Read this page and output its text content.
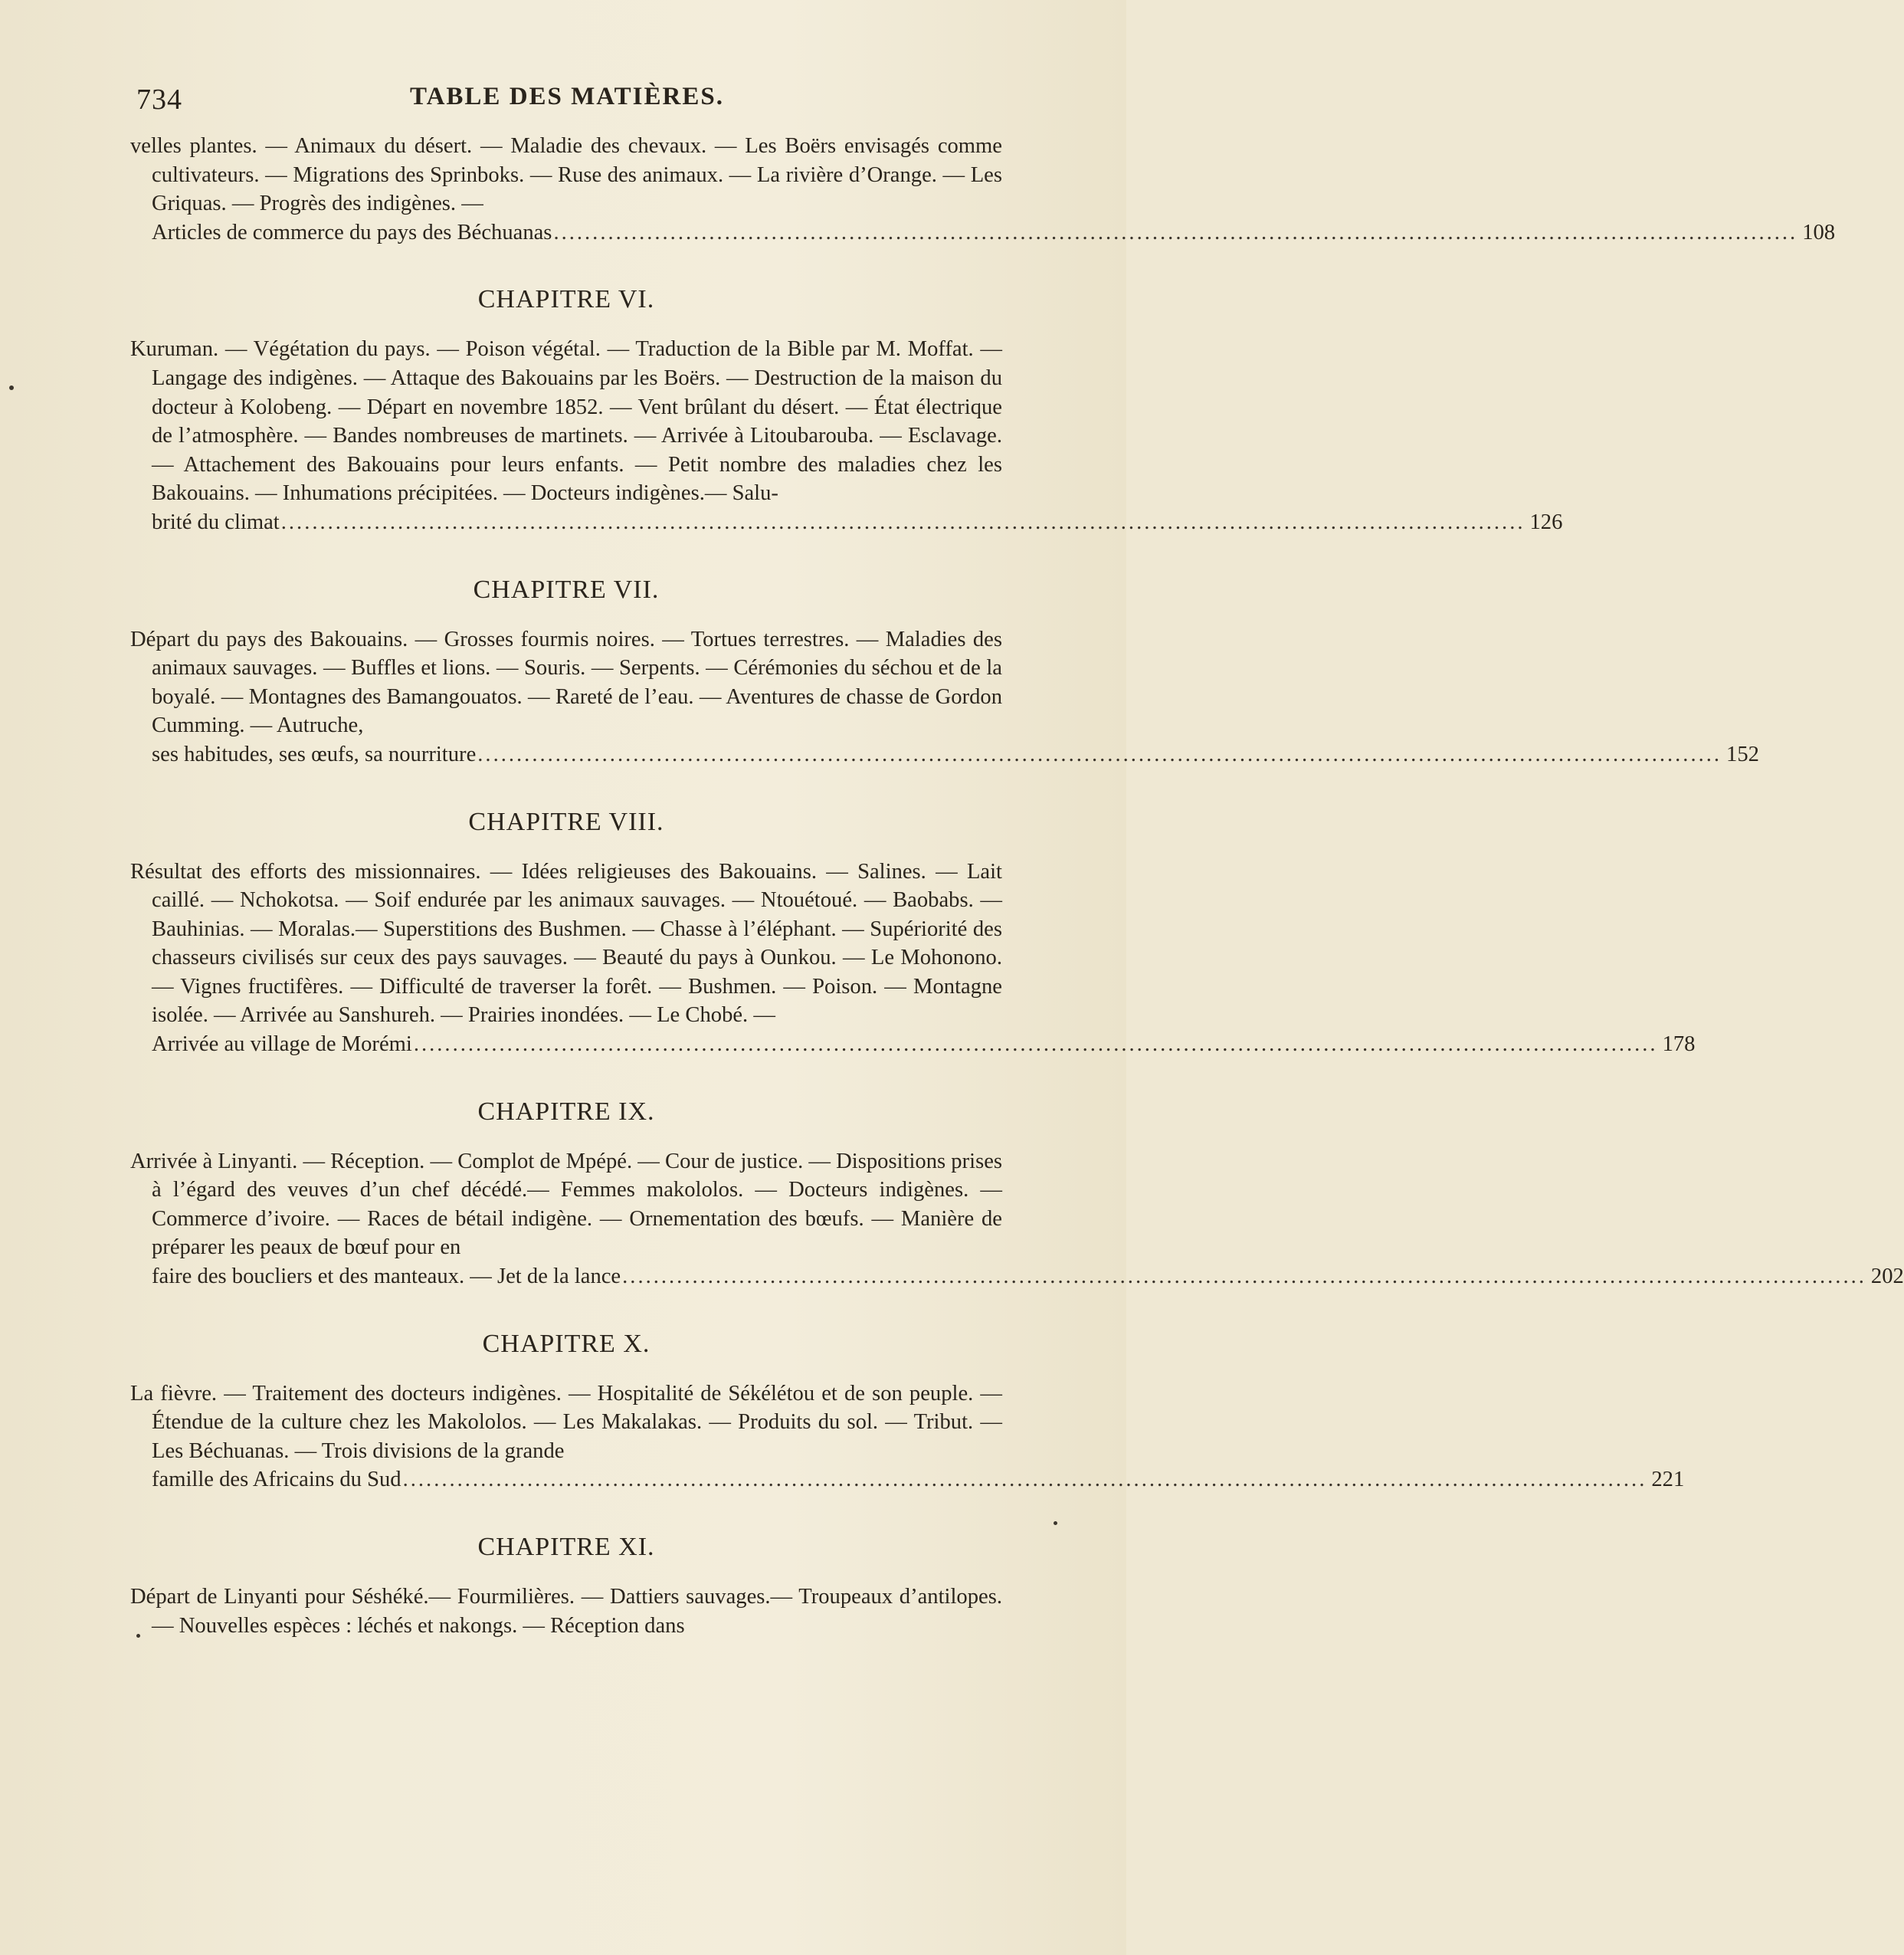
734	TABLE DES MATIÈRES.
velles plantes. — Animaux du désert. — Maladie des chevaux. — Les Boërs envisagés comme cultivateurs. — Migrations des Sprinboks. — Ruse des animaux. — La rivière d’Orange. — Les Griquas. — Progrès des indigènes. —
Articles de commerce du pays des Béchuanas ................................................................................................................................................................ 108
CHAPITRE VI.
Kuruman. — Végétation du pays. — Poison végétal. — Traduction de la Bible par M. Moffat. — Langage des indigènes. — Attaque des Bakouains par les Boërs. — Destruction de la maison du docteur à Kolobeng. — Départ en novembre 1852. — Vent brûlant du désert. — État électrique de l’atmosphère. — Bandes nombreuses de martinets. — Arrivée à Litoubarouba. — Esclavage. — Attachement des Bakouains pour leurs enfants. — Petit nombre des maladies chez les Bakouains. — Inhumations précipitées. — Docteurs indigènes.— Salu-
brité du climat ................................................................................................................................................................ 126
CHAPITRE VII.
Départ du pays des Bakouains. — Grosses fourmis noires. — Tortues terrestres. — Maladies des animaux sauvages. — Buffles et lions. — Souris. — Serpents. — Cérémonies du séchou et de la boyalé. — Montagnes des Bamangouatos. — Rareté de l’eau. — Aventures de chasse de Gordon Cumming. — Autruche,
ses habitudes, ses œufs, sa nourriture ................................................................................................................................................................ 152
CHAPITRE VIII.
Résultat des efforts des missionnaires. — Idées religieuses des Bakouains. — Salines. — Lait caillé. — Nchokotsa. — Soif endurée par les animaux sauvages. — Ntouétoué. — Baobabs. — Bauhinias. — Moralas.— Superstitions des Bushmen. — Chasse à l’éléphant. — Supériorité des chasseurs civilisés sur ceux des pays sauvages. — Beauté du pays à Ounkou. — Le Mohonono. — Vignes fructifères. — Difficulté de traverser la forêt. — Bushmen. — Poison. — Montagne isolée. — Arrivée au Sanshureh. — Prairies inondées. — Le Chobé. —
Arrivée au village de Morémi ................................................................................................................................................................ 178
CHAPITRE IX.
Arrivée à Linyanti. — Réception. — Complot de Mpépé. — Cour de justice. — Dispositions prises à l’égard des veuves d’un chef décédé.— Femmes makololos. — Docteurs indigènes. — Commerce d’ivoire. — Races de bétail indigène. — Ornementation des bœufs. — Manière de préparer les peaux de bœuf pour en
faire des boucliers et des manteaux. — Jet de la lance ................................................................................................................................................................ 202
CHAPITRE X.
La fièvre. — Traitement des docteurs indigènes. — Hospitalité de Sékélétou et de son peuple. — Étendue de la culture chez les Makololos. — Les Makalakas. — Produits du sol. — Tribut. — Les Béchuanas. — Trois divisions de la grande
famille des Africains du Sud ................................................................................................................................................................ 221
CHAPITRE XI.
Départ de Linyanti pour Séshéké.— Fourmilières. — Dattiers sauvages.— Troupeaux d’antilopes. — Nouvelles espèces : léchés et nakongs. — Réception dans
